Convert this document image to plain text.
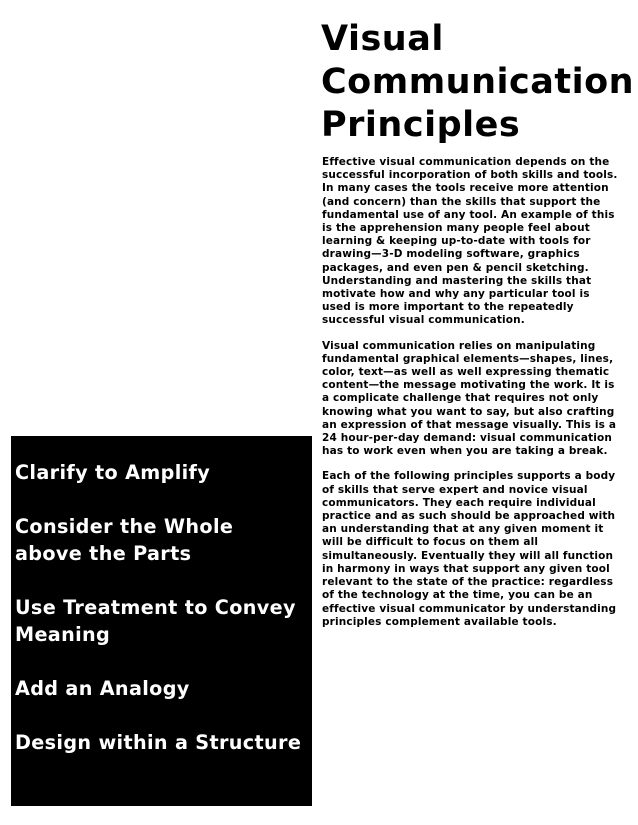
Visual
Communication
Principles

Effective visual communication depends on the successful incorporation of both skills and tools. In many cases the tools receive more attention (and concern) than the skills that support the fundamental use of any tool. An example of this is the apprehension many people feel about learning & keeping up-to-date with tools for drawing—3-D modeling software, graphics packages, and even pen & pencil sketching. Understanding and mastering the skills that motivate how and why any particular tool is used is more important to the repeatedly successful visual communication.

Visual communication relies on manipulating fundamental graphical elements—shapes, lines, color, text—as well as well expressing thematic content—the message motivating the work. It is a complicate challenge that requires not only knowing what you want to say, but also crafting an expression of that message visually. This is a 24 hour-per-day demand: visual communication has to work even when you are taking a break.

Each of the following principles supports a body of skills that serve expert and novice visual communicators. They each require individual practice and as such should be approached with an understanding that at any given moment it will be difficult to focus on them all simultaneously. Eventually they will all function in harmony in ways that support any given tool relevant to the state of the practice: regardless of the technology at the time, you can be an effective visual communicator by understanding principles complement available tools.

Clarify to Amplify
Consider the Whole above the Parts
Use Treatment to Convey Meaning
Add an Analogy
Design within a Structure
